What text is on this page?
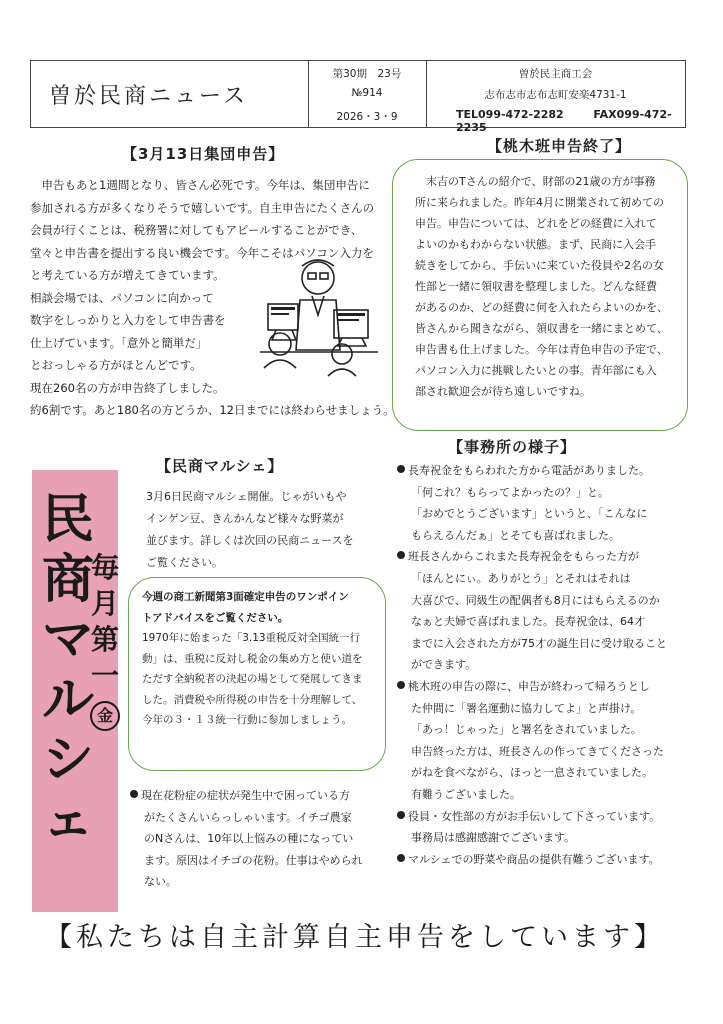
曽於民商ニュース
第30期　23号
№914
2026・3・9
曽於民主商工会
志布志市志布志町安楽4731-1
TEL099-472-2282	FAX099-472-2235
【3月13日集団申告】
　申告もあと1週間となり、皆さん必死です。今年は、集団申告に
参加される方が多くなりそうで嬉しいです。自主申告にたくさんの
会員が行くことは、税務署に対してもアピールすることができ、
堂々と申告書を提出する良い機会です。今年こそはパソコン入力を
と考えている方が増えてきています。
相談会場では、パソコンに向かって
数字をしっかりと入力をして申告書を
仕上げています。「意外と簡単だ」
とおっしゃる方がほとんどです。
現在260名の方が申告終了しました。
約6割です。あと180名の方どうか、12日までには終わらせましょう。
【桃木班申告終了】
　末吉のTさんの紹介で、財部の21歳の方が事務
所に来られました。昨年4月に開業されて初めての
申告。申告については、どれをどの経費に入れて
よいのかもわからない状態。まず、民商に入会手
続きをしてから、手伝いに来ていた役員や2名の女
性部と一緒に領収書を整理しました。どんな経費
があるのか、どの経費に何を入れたらよいのかを、
皆さんから聞きながら、領収書を一緒にまとめて、
申告書も仕上げました。今年は青色申告の予定で、
パソコン入力に挑戦したいとの事。青年部にも入
部され歓迎会が待ち遠しいですね。
【民商マルシェ】
3月6日民商マルシェ開催。じゃがいもや
インゲン豆、きんかんなど様々な野菜が
並びます。詳しくは次回の民商ニュースを
ご覧ください。
民
商
マ
ル
シ
ェ
毎
月
第
一
金
今週の商工新聞第3面確定申告のワンポイン
トアドバイスをご覧ください。
1970年に始まった「3.13重税反対全国統一行
動」は、重税に反対し税金の集め方と使い道を
ただす全納税者の決起の場として発展してきま
した。消費税や所得税の申告を十分理解して、
今年の３・１３統一行動に参加しましょう。
現在花粉症の症状が発生中で困っている方
がたくさんいらっしゃいます。イチゴ農家
のNさんは、10年以上悩みの種になってい
ます。原因はイチゴの花粉。仕事はやめられ
ない。
【事務所の様子】
長寿祝金をもらわれた方から電話がありました。
「何これ？もらってよかったの？」と。
「おめでとうございます」というと、「こんなに
もらえるんだぁ」とそても喜ばれました。
班長さんからこれまた長寿祝金をもらった方が
「ほんとにぃ。ありがとう」とそれはそれは
大喜びで、同級生の配偶者も8月にはもらえるのか
なぁと夫婦で喜ばれました。長寿祝金は、64才
までに入会された方が75才の誕生日に受け取ること
ができます。
桃木班の申告の際に、申告が終わって帰ろうとし
た仲間に「署名運動に協力してよ」と声掛け。
「あっ！じゃった」と署名をされていました。
申告終った方は、班長さんの作ってきてくださった
がねを食べながら、ほっと一息されていました。
有難うございました。
役員・女性部の方がお手伝いして下さっています。
事務局は感謝感謝でございます。
マルシェでの野菜や商品の提供有難うございます。
【私たちは自主計算自主申告をしています】
